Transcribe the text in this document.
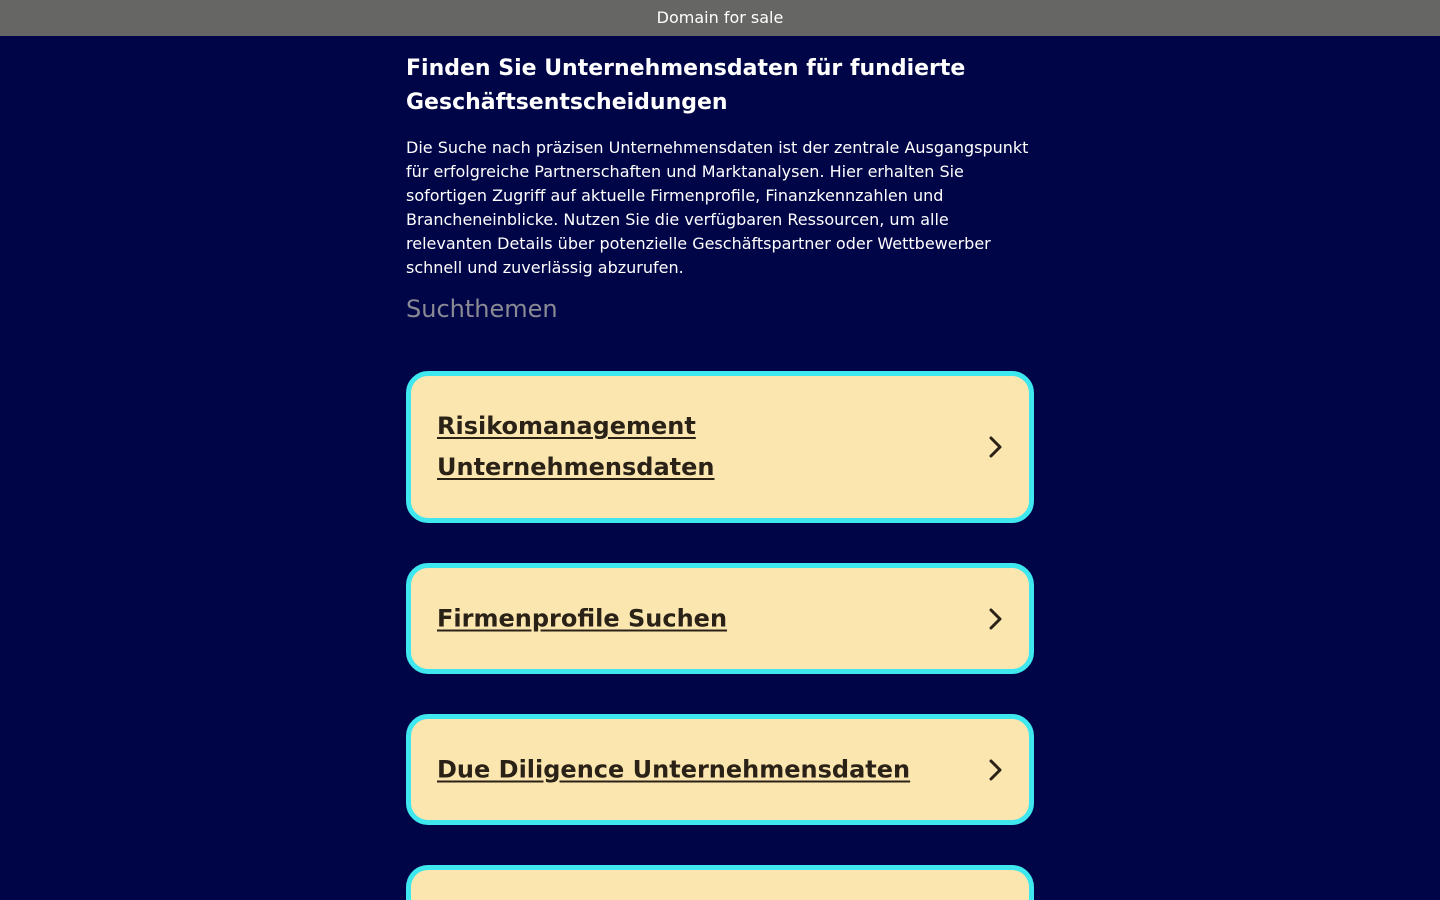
Domain for sale
Finden Sie Unternehmensdaten für fundierte Geschäftsentscheidungen

Die Suche nach präzisen Unternehmensdaten ist der zentrale Ausgangspunkt für erfolgreiche Partnerschaften und Marktanalysen. Hier erhalten Sie sofortigen Zugriff auf aktuelle Firmenprofile, Finanzkennzahlen und Brancheneinblicke. Nutzen Sie die verfügbaren Ressourcen, um alle relevanten Details über potenzielle Geschäftspartner oder Wettbewerber schnell und zuverlässig abzurufen.

Suchthemen
Risikomanagement Unternehmensdaten
Firmenprofile Suchen
Due Diligence Unternehmensdaten
